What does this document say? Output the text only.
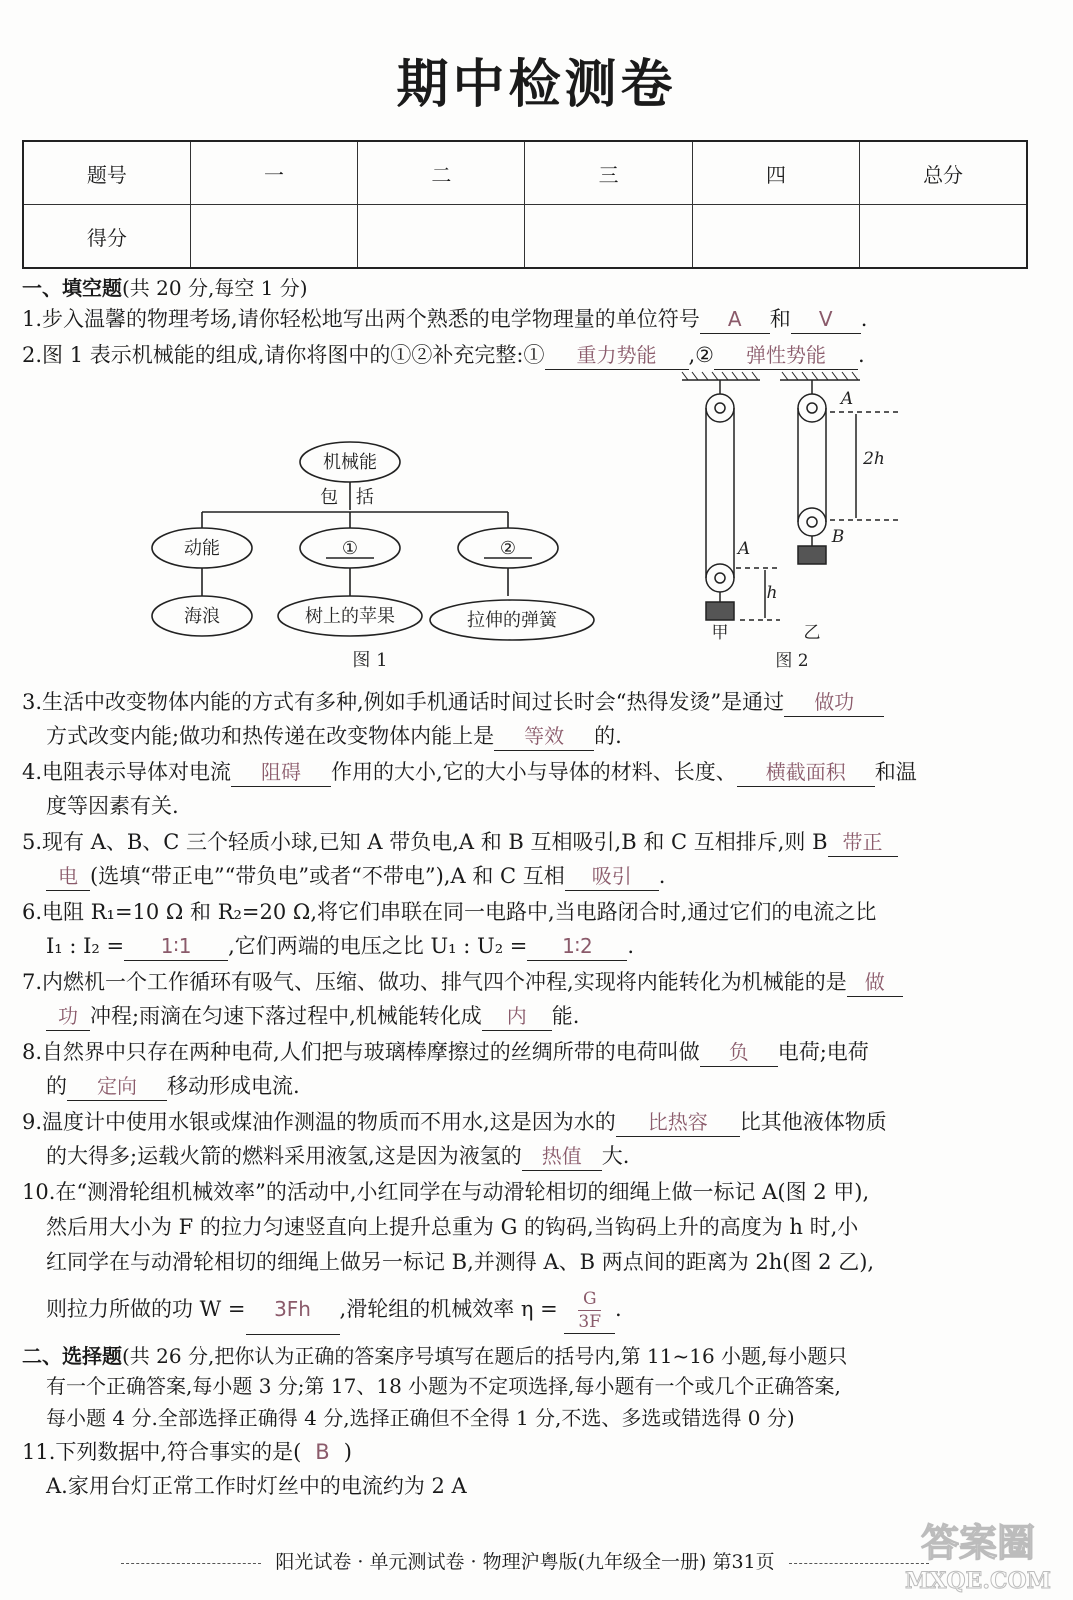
期中检测卷
题号	一	二	三	四	总分
得分					
一、填空题(共 20 分,每空 1 分)
1.步入温馨的物理考场,请你轻松地写出两个熟悉的电学物理量的单位符号 A 和 V .
2.图 1 表示机械能的组成,请你将图中的①②补充完整:① 重力势能 ,② 弹性势能 .
机械能
包 括
动能	①	②
海浪	树上的苹果	拉伸的弹簧
图 1
A
h
A
2h
B
甲	乙
图 2
3.生活中改变物体内能的方式有多种,例如手机通话时间过长时会“热得发烫”是通过 做功
方式改变内能;做功和热传递在改变物体内能上是 等效 的.
4.电阻表示导体对电流 阻碍 作用的大小,它的大小与导体的材料、长度、 横截面积 和温
度等因素有关.
5.现有 A、B、C 三个轻质小球,已知 A 带负电,A 和 B 互相吸引,B 和 C 互相排斥,则 B 带正
电 (选填“带正电”“带负电”或者“不带电”),A 和 C 互相 吸引 .
6.电阻 R₁=10 Ω 和 R₂=20 Ω,将它们串联在同一电路中,当电路闭合时,通过它们的电流之比
I₁ : I₂ = 1∶1 ,它们两端的电压之比 U₁ : U₂ = 1∶2 .
7.内燃机一个工作循环有吸气、压缩、做功、排气四个冲程,实现将内能转化为机械能的是 做
功 冲程;雨滴在匀速下落过程中,机械能转化成 内 能.
8.自然界中只存在两种电荷,人们把与玻璃棒摩擦过的丝绸所带的电荷叫做 负 电荷;电荷
的 定向 移动形成电流.
9.温度计中使用水银或煤油作测温的物质而不用水,这是因为水的 比热容 比其他液体物质
的大得多;运载火箭的燃料采用液氢,这是因为液氢的 热值 大.
10.在“测滑轮组机械效率”的活动中,小红同学在与动滑轮相切的细绳上做一标记 A(图 2 甲),
然后用大小为 F 的拉力匀速竖直向上提升总重为 G 的钩码,当钩码上升的高度为 h 时,小
红同学在与动滑轮相切的细绳上做另一标记 B,并测得 A、B 两点间的距离为 2h(图 2 乙),
则拉力所做的功 W = 3Fh ,滑轮组的机械效率 $\eta = \frac{G}{3F}$ .
二、选择题(共 26 分,把你认为正确的答案序号填写在题后的括号内,第 11~16 小题,每小题只
有一个正确答案,每小题 3 分;第 17、18 小题为不定项选择,每小题有一个或几个正确答案,
每小题 4 分.全部选择正确得 4 分,选择正确但不全得 1 分,不选、多选或错选得 0 分)
11.下列数据中,符合事实的是( B )
A.家用台灯正常工作时灯丝中的电流约为 2 A
阳光试卷 · 单元测试卷 · 物理沪粤版(九年级全一册) 第31页	答案圈
MXQE.COM
